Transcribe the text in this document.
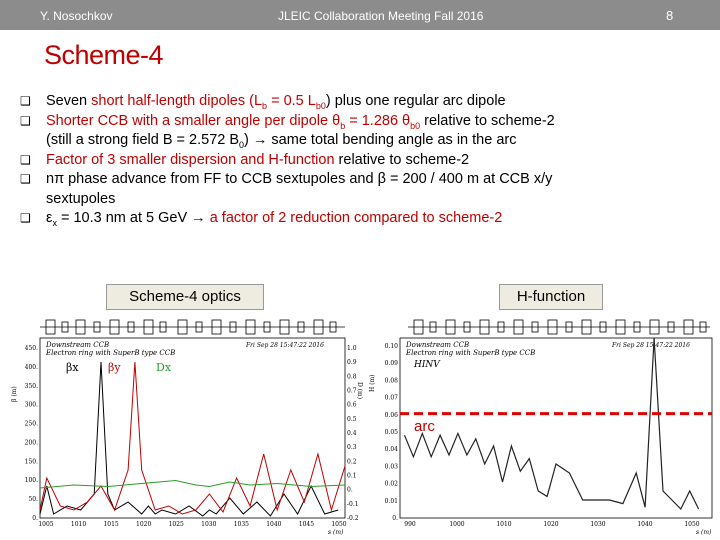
Y. Nosochkov	JLEIC Collaboration Meeting Fall 2016	8
Scheme-4
❑	Seven short half-length dipoles ($L_b = 0.5$ $L_{b0}$) plus one regular arc dipole
❑	Shorter CCB with a smaller angle per dipole $\theta_b = 1.286$ $\theta_{b0}$ relative to scheme-2
(still a strong field B = 2.572 $B_0$) → same total bending angle as in the arc
❑	Factor of 3 smaller dispersion and H-function relative to scheme-2
❑	nπ phase advance from FF to CCB sextupoles and β = 200 / 400 m at CCB x/y
sextupoles
❑	$\varepsilon_x = 10.3$ nm at 5 GeV → a factor of 2 reduction compared to scheme-2
Scheme-4 optics	H-function
Downstream CCB
Electron ring with SuperB type CCB
Fri Sep 28 15:47:22 2016
β (m)	D (m)
s (m)
βx	βy	Dx
0.
50.
100.
150.
200.
250.
300.
350.
400.
450.
-0.2
-0.1
0.
0.1
0.2
0.3
0.4
0.5
0.6
0.7
0.8
0.9
1.0
1005	1010	1015	1020	1025	1030	1035	1040	1045	1050
Downstream CCB
Electron ring with SuperB type CCB
Fri Sep 28 15:47:22 2016
HINV
H (m)
s (m)
0.
0.01
0.02
0.03
0.04
0.05
0.06
0.07
0.08
0.09
0.10
990	1000	1010	1020	1030	1040	1050
arc
